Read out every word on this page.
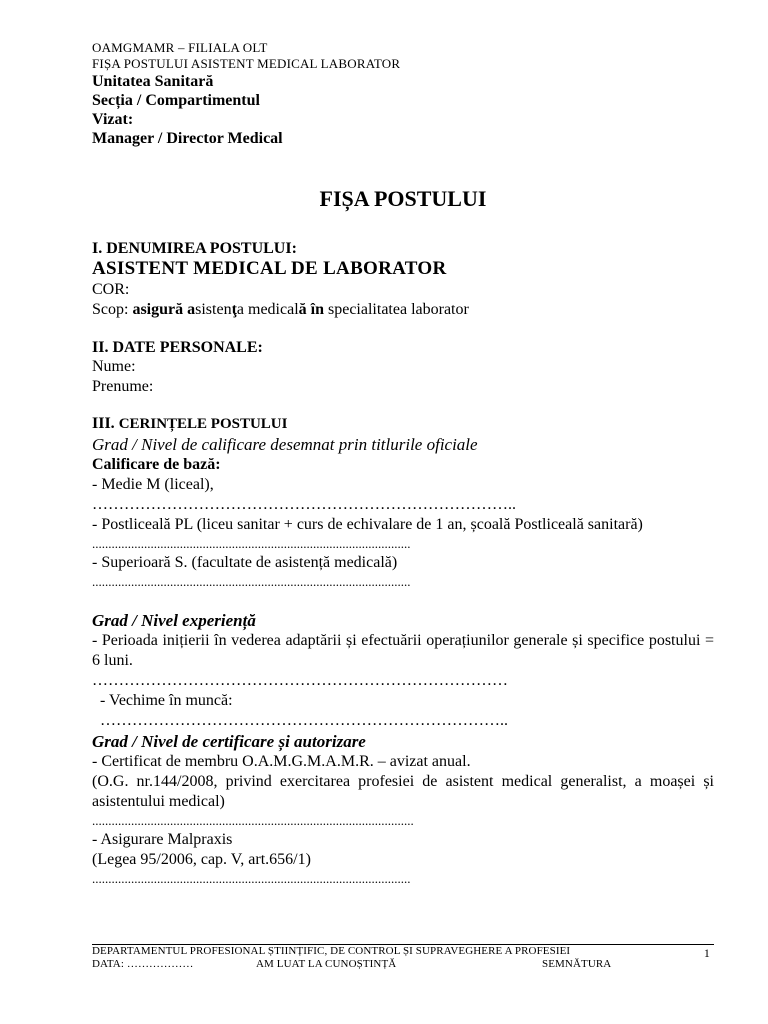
OAMGMAMR – FILIALA OLT
FIȘA POSTULUI ASISTENT MEDICAL LABORATOR
Unitatea Sanitară
Secția / Compartimentul
Vizat:
Manager / Director Medical
FIȘA POSTULUI
I. DENUMIREA POSTULUI:
ASISTENT MEDICAL DE LABORATOR
COR:
Scop: asigură asistenţa medicală în specialitatea laborator
II. DATE PERSONALE:
Nume:
Prenume:
III. CERINȚELE POSTULUI
Grad / Nivel de calificare desemnat prin titlurile oficiale
Calificare de bază:
- Medie M (liceal),
……………………………………………………………………..
- Postliceală PL (liceu sanitar + curs de echivalare de 1 an, școală Postliceală sanitară)
..................................................................................................
- Superioară S. (facultate de asistență medicală)
..................................................................................................
Grad / Nivel experiență
- Perioada inițierii în vederea adaptării și efectuării operațiunilor generale și specifice postului = 6 luni.
……………………………………………………………………
- Vechime în muncă:
…………………………………………………………………..
Grad / Nivel de certificare și autorizare
- Certificat de membru O.A.M.G.M.A.M.R. – avizat anual.
(O.G. nr.144/2008, privind exercitarea profesiei de asistent medical generalist, a moașei și asistentului medical)
...................................................................................................
- Asigurare Malpraxis
(Legea 95/2006, cap. V, art.656/1)
..................................................................................................
DEPARTAMENTUL PROFESIONAL ȘTIINȚIFIC, DE CONTROL ȘI SUPRAVEGHERE A PROFESIEI	1
DATA: ………………	AM LUAT LA CUNOȘTINȚĂ	SEMNĂTURA
